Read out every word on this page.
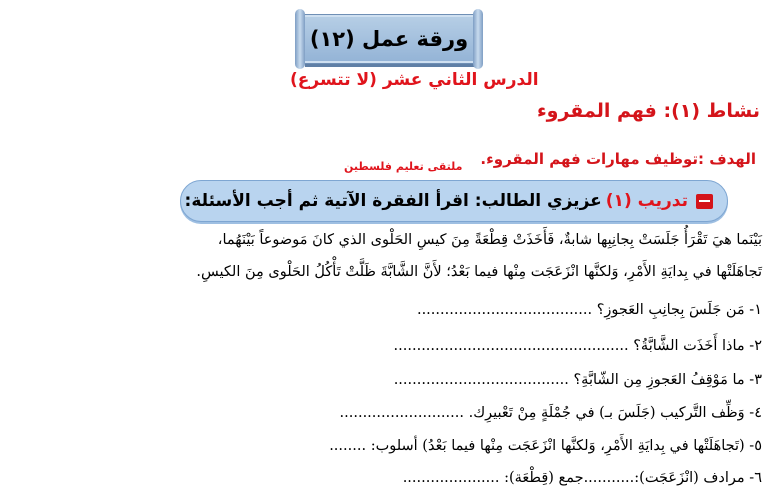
ورقة عمل (١٢)
الدرس الثاني عشر (لا تتسرع)
نشاط (١): فهم المقروء
الهدف :توظيف مهارات فهم المقروء.
ملتقى تعليم فلسطين
تدريب (١)
عزيزي الطالب: اقرأ الفقرة الآتية ثم أجب الأسئلة:
بَيْنَما هيَ تَقْرَأُ جَلَسَتْ بِجانِبِها شابةٌ، فَأَخَذَتْ قِطْعَةً مِنَ كيسِ الحَلْوى الذي كانَ مَوضوعاً بَيْنَهُما،
تَجاهَلَتْها في بِدايَةِ الأَمْرِ، وَلكنَّها انْزَعَجَت مِنْها فيما بَعْدُ؛ لأَنَّ الشَّابَّةَ ظَلَّتْ تَأْكُلُ الحَلْوى مِنَ الكيسِ.
١- مَن جَلَسَ بِجانِبِ العَجوزِ؟ ......................................
٢- ماذا أَخَذَت الشَّابَّةُ؟ ...................................................
٣- ما مَوْقِفُ العَجوزِ مِن الشّابَّةِ؟ ......................................
٤- وَظِّف التَّركيب (جَلَسَ بـ) في جُمْلَةٍ مِنْ تَعْبيرِك. ...........................
٥- (تَجاهَلَتْها في بِدايَةِ الأَمْرِ، وَلكنَّها انْزَعَجَت مِنْها فيما بَعْدُ) أسلوب: ........
٦- مرادف (انْزَعَجَت):...........جمع (قِطْعَة): .....................
